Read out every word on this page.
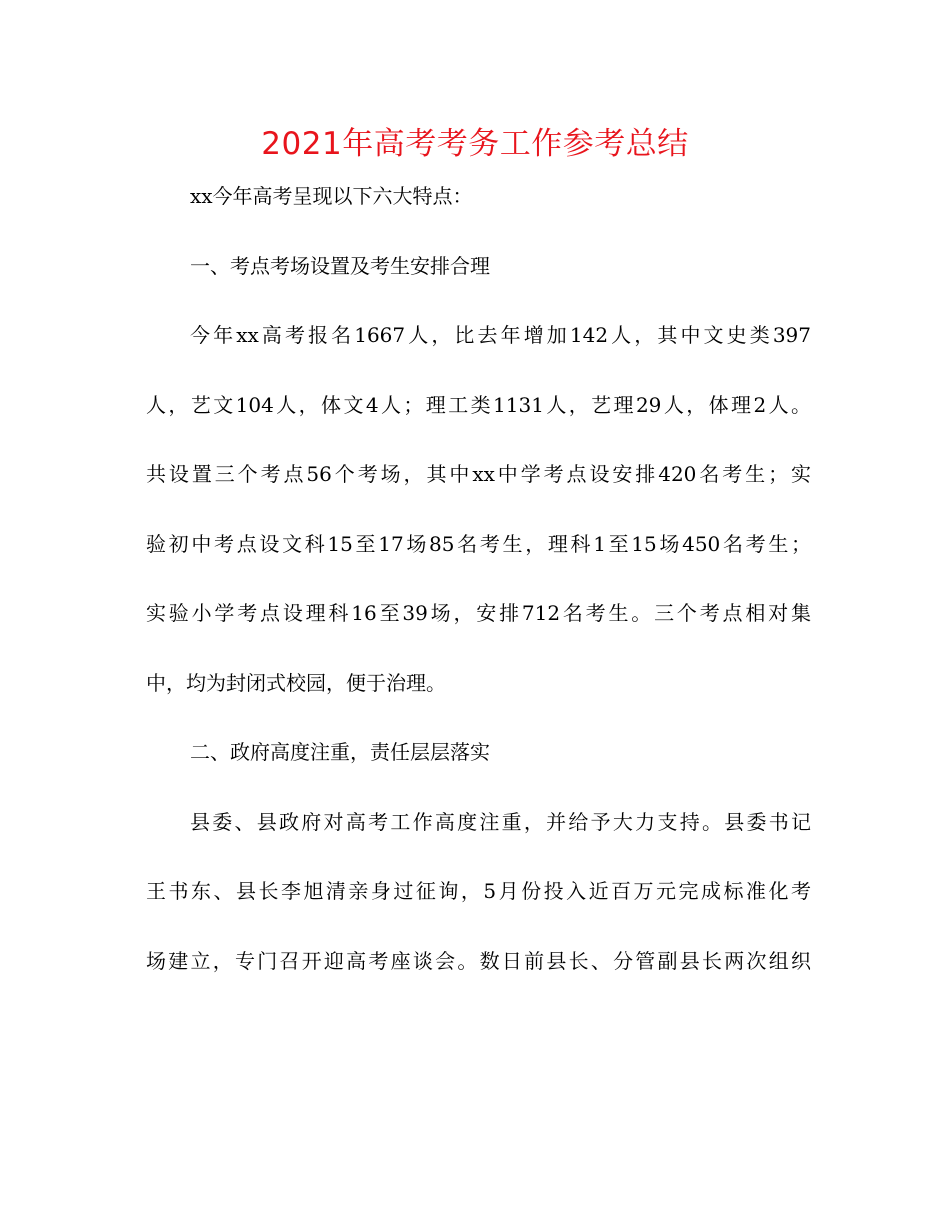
2021年高考考务工作参考总结
xx今年高考呈现以下六大特点：
一、考点考场设置及考生安排合理
今年xx高考报名1667人，比去年增加142人，其中文史类397
人，艺文104人，体文4人；理工类1131人，艺理29人，体理2人。
共设置三个考点56个考场，其中xx中学考点设安排420名考生；实
验初中考点设文科15至17场85名考生，理科1至15场450名考生；
实验小学考点设理科16至39场，安排712名考生。三个考点相对集
中，均为封闭式校园，便于治理。
二、政府高度注重，责任层层落实
县委、县政府对高考工作高度注重，并给予大力支持。县委书记
王书东、县长李旭清亲身过征询，5月份投入近百万元完成标准化考
场建立，专门召开迎高考座谈会。数日前县长、分管副县长两次组织
